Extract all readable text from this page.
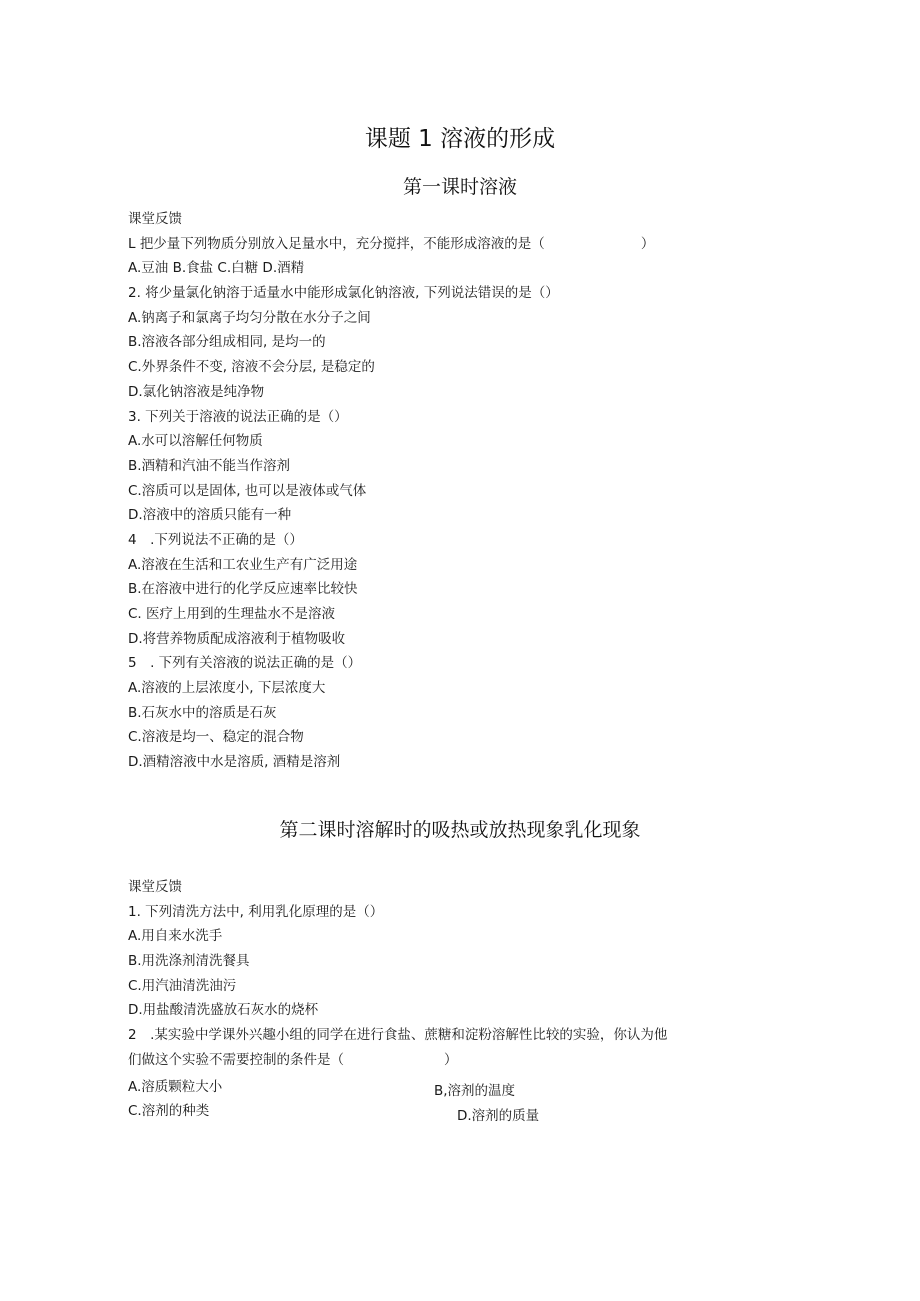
课题 1 溶液的形成
第一课时溶液
课堂反馈
L 把少量下列物质分别放入足量水中，充分搅拌，不能形成溶液的是（	）
A.豆油 B.食盐 C.白糖 D.酒精
2. 将少量氯化钠溶于适量水中能形成氯化钠溶液, 下列说法错误的是（）
A.钠离子和氯离子均匀分散在水分子之间
B.溶液各部分组成相同, 是均一的
C.外界条件不变, 溶液不会分层, 是稳定的
D.氯化钠溶液是纯净物
3. 下列关于溶液的说法正确的是（）
A.水可以溶解任何物质
B.酒精和汽油不能当作溶剂
C.溶质可以是固体, 也可以是液体或气体
D.溶液中的溶质只能有一种
4　.下列说法不正确的是（）
A.溶液在生活和工农业生产有广泛用途
B.在溶液中进行的化学反应速率比较快
C. 医疗上用到的生理盐水不是溶液
D.将营养物质配成溶液利于植物吸收
5　. 下列有关溶液的说法正确的是（）
A.溶液的上层浓度小, 下层浓度大
B.石灰水中的溶质是石灰
C.溶液是均一、稳定的混合物
D.酒精溶液中水是溶质, 酒精是溶剂
第二课时溶解时的吸热或放热现象乳化现象
课堂反馈
1. 下列清洗方法中, 利用乳化原理的是（）
A.用自来水洗手
B.用洗涤剂清洗餐具
C.用汽油清洗油污
D.用盐酸清洗盛放石灰水的烧杯
2　.某实验中学课外兴趣小组的同学在进行食盐、蔗糖和淀粉溶解性比较的实验，你认为他
们做这个实验不需要控制的条件是（	）
A.溶质颗粒大小	B,溶剂的温度
C.溶剂的种类	D.溶剂的质量
